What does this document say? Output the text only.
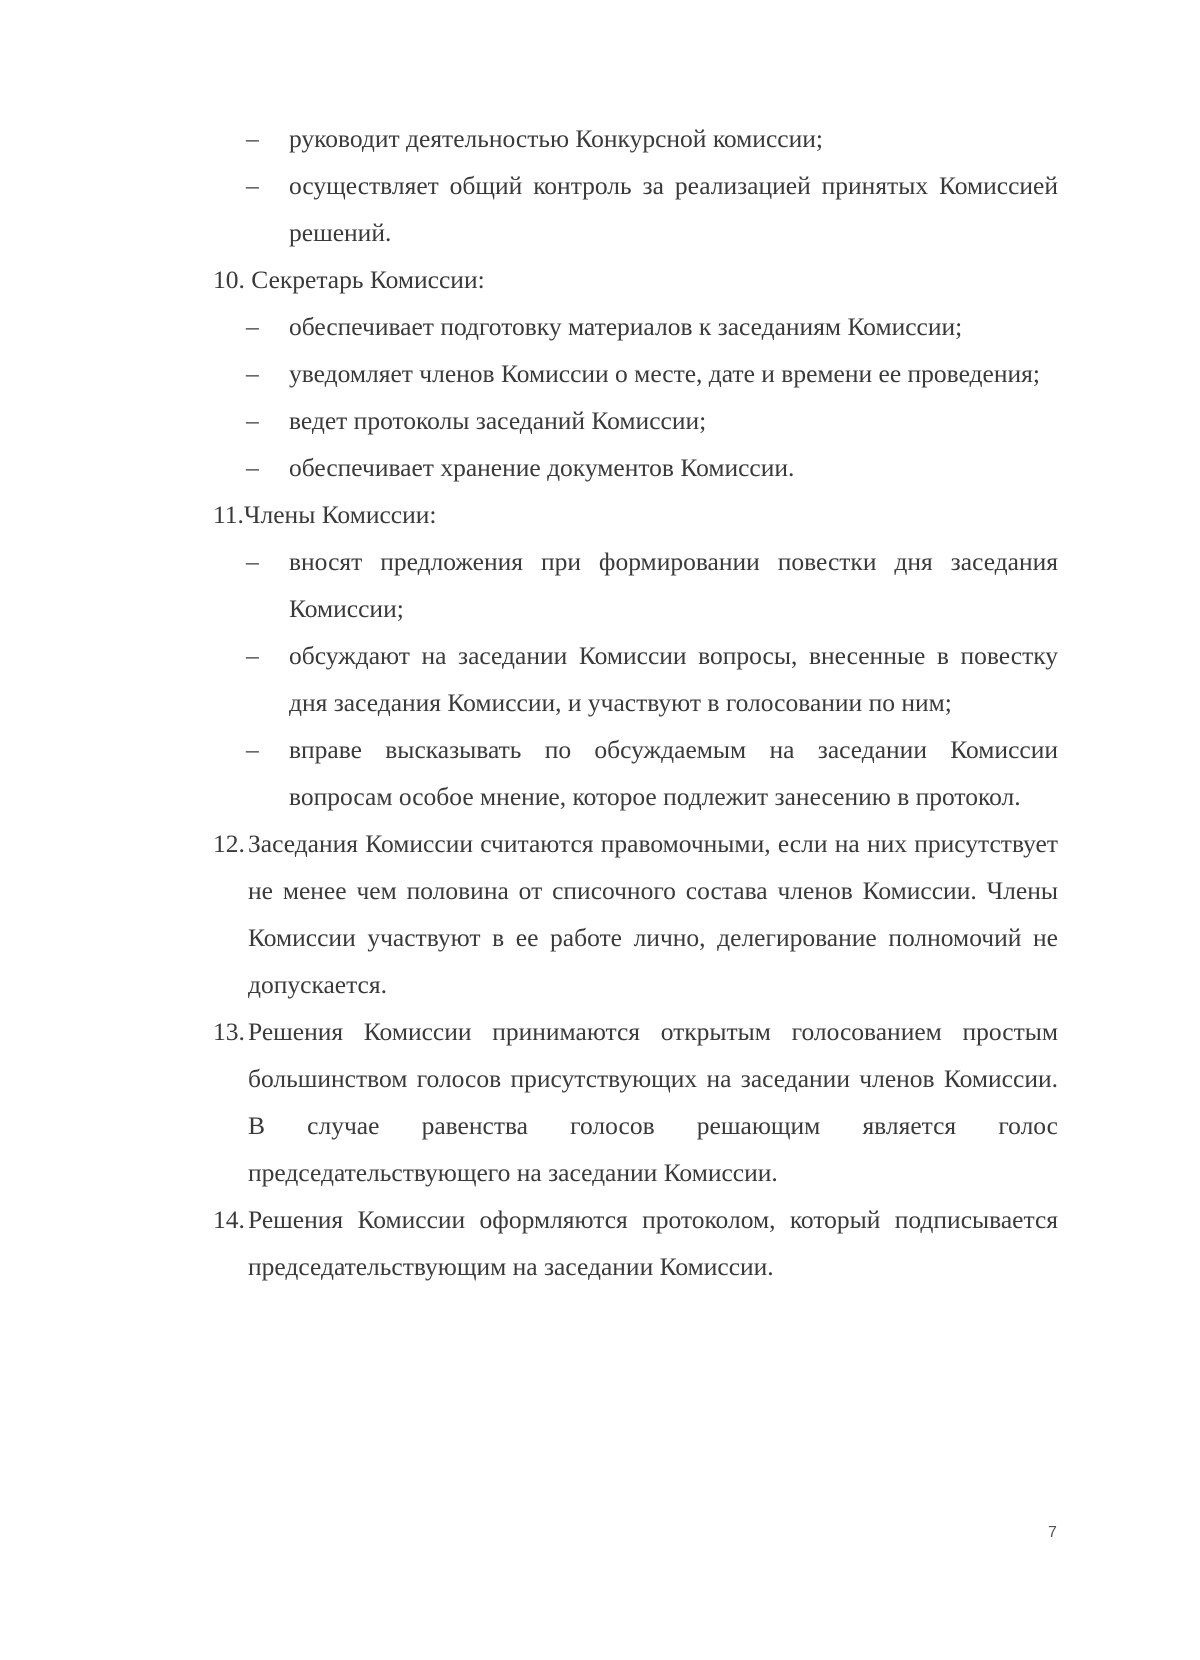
– руководит деятельностью Конкурсной комиссии;
– осуществляет общий контроль за реализацией принятых Комиссией решений.
10. Секретарь Комиссии:
– обеспечивает подготовку материалов к заседаниям Комиссии;
– уведомляет членов Комиссии о месте, дате и времени ее проведения;
– ведет протоколы заседаний Комиссии;
– обеспечивает хранение документов Комиссии.
11.Члены Комиссии:
– вносят предложения при формировании повестки дня заседания Комиссии;
– обсуждают на заседании Комиссии вопросы, внесенные в повестку дня заседания Комиссии, и участвуют в голосовании по ним;
– вправе высказывать по обсуждаемым на заседании Комиссии вопросам особое мнение, которое подлежит занесению в протокол.
12. Заседания Комиссии считаются правомочными, если на них присутствует не менее чем половина от списочного состава членов Комиссии. Члены Комиссии участвуют в ее работе лично, делегирование полномочий не допускается.
13. Решения Комиссии принимаются открытым голосованием простым большинством голосов присутствующих на заседании членов Комиссии. В случае равенства голосов решающим является голос председательствующего на заседании Комиссии.
14. Решения Комиссии оформляются протоколом, который подписывается председательствующим на заседании Комиссии.
7
